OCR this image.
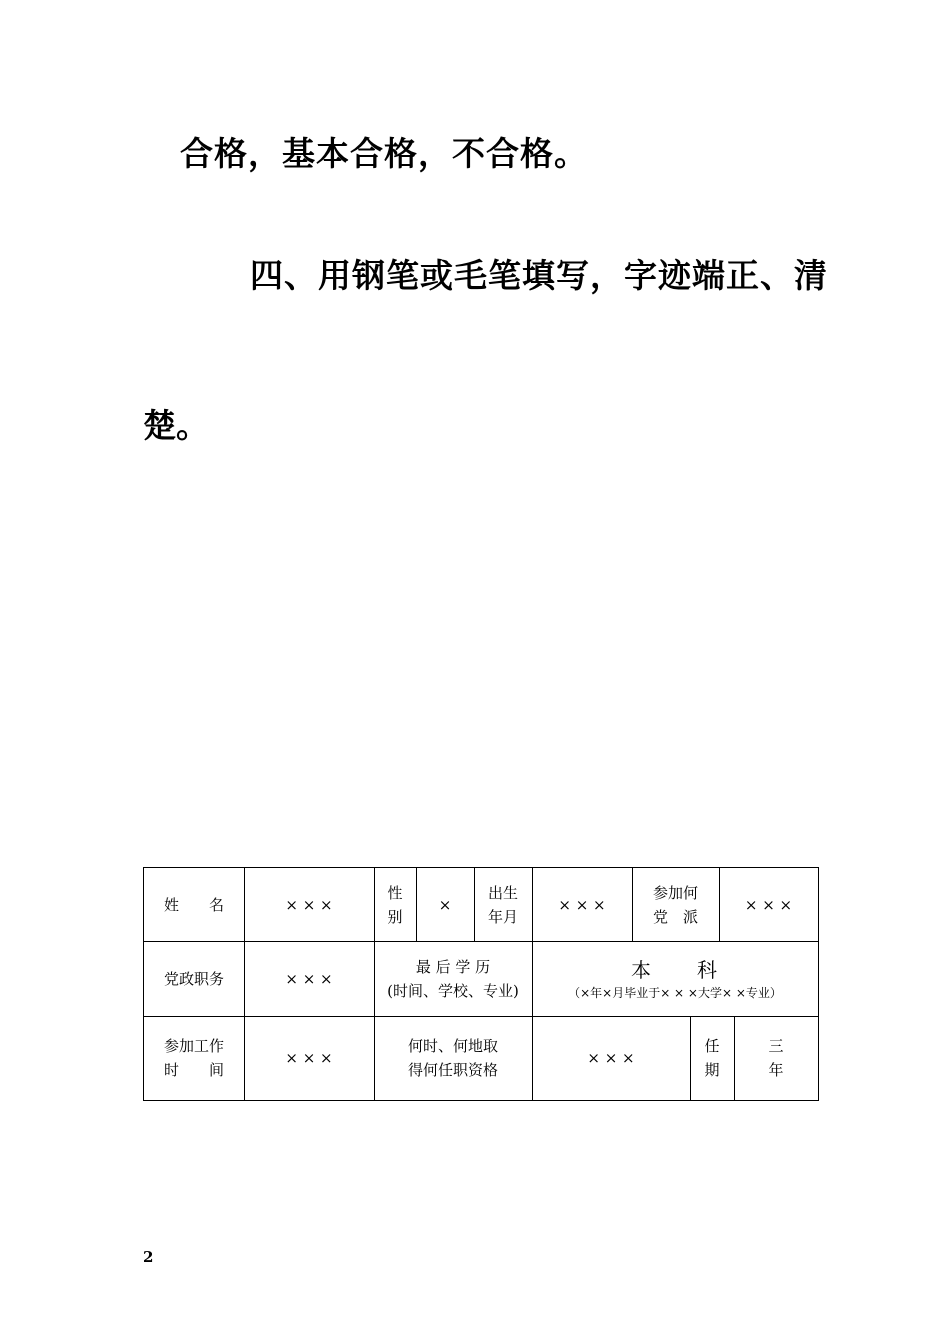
合格，基本合格，不合格。
四、用钢笔或毛笔填写，字迹端正、清
楚。
姓　　名	× × ×
性
别
×
出生
年月
× × ×
参加何
党　派
× × ×
党政职务	× × ×
最 后 学 历
(时间、学校、专业)
本　　科
（×年×月毕业于× × ×大学× ×专业）
参加工作
时　　间
× × ×
何时、何地取
得何任职资格
× × ×
任
期
三
年
2
